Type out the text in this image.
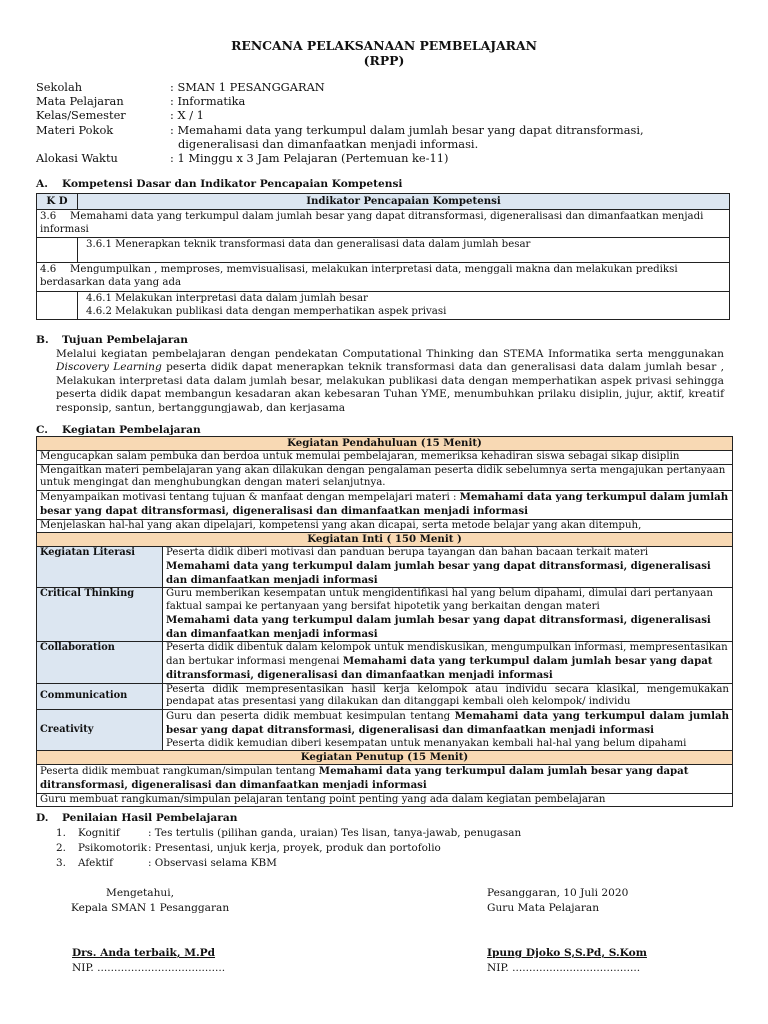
RENCANA PELAKSANAAN PEMBELAJARAN
(RPP)
Sekolah	: SMAN 1 PESANGGARAN
Mata Pelajaran	: Informatika
Kelas/Semester	: X / 1
Materi Pokok	: Memahami data yang terkumpul dalam jumlah besar yang dapat ditransformasi,
digeneralisasi dan dimanfaatkan menjadi informasi.
Alokasi Waktu	: 1 Minggu x 3 Jam Pelajaran (Pertemuan ke-11)
A. Kompetensi Dasar dan Indikator Pencapaian Kompetensi
K D	Indikator Pencapaian Kompetensi
3.6 Memahami data yang terkumpul dalam jumlah besar yang dapat ditransformasi, digeneralisasi dan dimanfaatkan menjadi informasi	
	3.6.1 Menerapkan teknik transformasi data dan generalisasi data dalam jumlah besar
4.6 Mengumpulkan , memproses, memvisualisasi, melakukan interpretasi data, menggali makna dan melakukan prediksi berdasarkan data yang ada	

	4.6.1 Melakukan interpretasi data dalam jumlah besar
4.6.2 Melakukan publikasi data dengan memperhatikan aspek privasi
B. Tujuan Pembelajaran
Melalui kegiatan pembelajaran dengan pendekatan Computational Thinking dan STEMA Informatika serta menggunakan Discovery Learning peserta didik dapat menerapkan teknik transformasi data dan generalisasi data dalam jumlah besar , Melakukan interpretasi data dalam jumlah besar, melakukan publikasi data dengan memperhatikan aspek privasi sehingga peserta didik dapat membangun kesadaran akan kebesaran Tuhan YME, menumbuhkan prilaku disiplin, jujur, aktif, kreatif responsip, santun, bertanggungjawab, dan kerjasama
C. Kegiatan Pembelajaran
Kegiatan Pendahuluan (15 Menit)	
Mengucapkan salam pembuka dan berdoa untuk memulai pembelajaran, memeriksa kehadiran siswa sebagai sikap disiplin	
Mengaitkan materi pembelajaran yang akan dilakukan dengan pengalaman peserta didik sebelumnya serta mengajukan pertanyaan untuk mengingat dan menghubungkan dengan materi selanjutnya.	
Menyampaikan motivasi tentang tujuan & manfaat dengan mempelajari materi : Memahami data yang terkumpul dalam jumlah besar yang dapat ditransformasi, digeneralisasi dan dimanfaatkan menjadi informasi	
Menjelaskan hal-hal yang akan dipelajari, kompetensi yang akan dicapai, serta metode belajar yang akan ditempuh,	
Kegiatan Inti ( 150 Menit )	
Kegiatan Literasi	Peserta didik diberi motivasi dan panduan berupa tayangan dan bahan bacaan terkait materi
Memahami data yang terkumpul dalam jumlah besar yang dapat ditransformasi, digeneralisasi dan dimanfaatkan menjadi informasi
Critical Thinking	Guru memberikan kesempatan untuk mengidentifikasi hal yang belum dipahami, dimulai dari pertanyaan faktual sampai ke pertanyaan yang bersifat hipotetik yang berkaitan dengan materi
Memahami data yang terkumpul dalam jumlah besar yang dapat ditransformasi, digeneralisasi dan dimanfaatkan menjadi informasi
Collaboration	Peserta didik dibentuk dalam kelompok untuk mendiskusikan, mengumpulkan informasi, mempresentasikan dan bertukar informasi mengenai Memahami data yang terkumpul dalam jumlah besar yang dapat ditransformasi, digeneralisasi dan dimanfaatkan menjadi informasi
Communication	Peserta didik mempresentasikan hasil kerja kelompok atau individu secara klasikal, mengemukakan pendapat atas presentasi yang dilakukan dan ditanggapi kembali oleh kelompok/ individu
Creativity	Guru dan peserta didik membuat kesimpulan tentang Memahami data yang terkumpul dalam jumlah besar yang dapat ditransformasi, digeneralisasi dan dimanfaatkan menjadi informasi
Peserta didik kemudian diberi kesempatan untuk menanyakan kembali hal-hal yang belum dipahami

Kegiatan Penutup (15 Menit)	
Peserta didik membuat rangkuman/simpulan tentang Memahami data yang terkumpul dalam jumlah besar yang dapat ditransformasi, digeneralisasi dan dimanfaatkan menjadi informasi	
Guru membuat rangkuman/simpulan pelajaran tentang point penting yang ada dalam kegiatan pembelajaran	
D. Penilaian Hasil Pembelajaran
1. Kognitif	: Tes tertulis (pilihan ganda, uraian) Tes lisan, tanya-jawab, penugasan
2. Psikomotorik: Presentasi, unjuk kerja, proyek, produk dan portofolio
3. Afektif	: Observasi selama KBM
Mengetahui,
Kepala SMAN 1 Pesanggaran
Drs. Anda terbaik, M.Pd
NIP. ......................................
Pesanggaran, 10 Juli 2020
Guru Mata Pelajaran
Ipung Djoko S,S.Pd, S.Kom
NIP. ......................................
